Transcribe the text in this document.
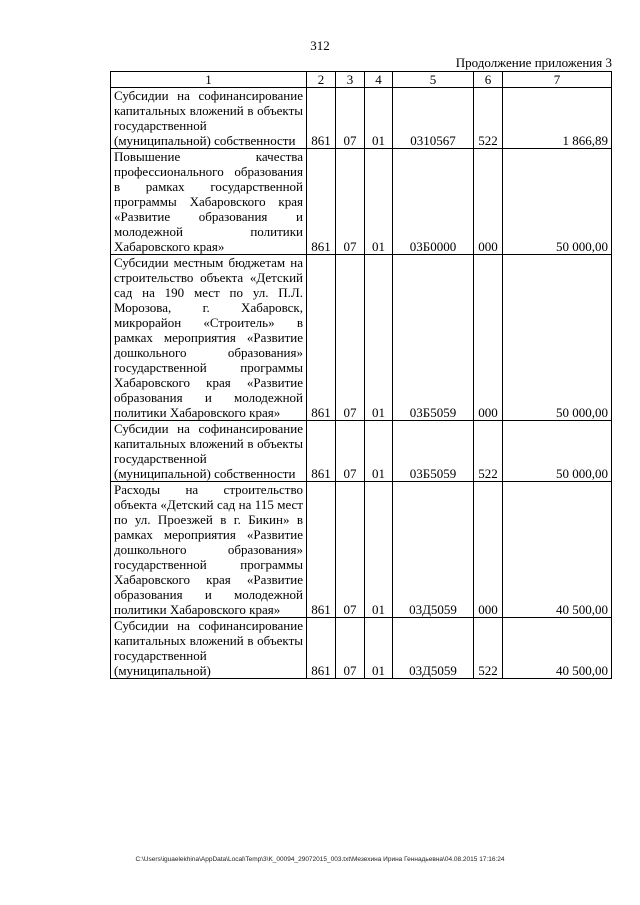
312
Продолжение приложения 3
1	2	3	4	5	6	7
Субсидии на софинансирование капитальных вложений в объекты государственной (муниципальной) собственности	861	07	01	0310567	522	1 866,89
Повышение качества профессионального образования в рамках государственной программы Хабаровского края «Развитие образования и молодежной политики Хабаровского края»	861	07	01	03Б0000	000	50 000,00
Субсидии местным бюджетам на строительство объекта «Детский сад на 190 мест по ул. П.Л. Морозова, г. Хабаровск, микрорайон «Строитель» в рамках мероприятия «Развитие дошкольного образования» государственной программы Хабаровского края «Развитие образования и молодежной политики Хабаровского края»	861	07	01	03Б5059	000	50 000,00
Субсидии на софинансирование капитальных вложений в объекты государственной (муниципальной) собственности	861	07	01	03Б5059	522	50 000,00
Расходы на строительство объекта «Детский сад на 115 мест по ул. Проезжей в г. Бикин» в рамках мероприятия «Развитие дошкольного образования» государственной программы Хабаровского края «Развитие образования и молодежной политики Хабаровского края»	861	07	01	03Д5059	000	40 500,00
Субсидии на софинансирование капитальных вложений в объекты государственной (муниципальной)	861	07	01	03Д5059	522	40 500,00
C:\Users\iguaelekhina\AppData\Local\Temp\3\K_00094_29072015_003.txt\Мезехина Ирина Геннадьевна\04.08.2015 17:16:24
